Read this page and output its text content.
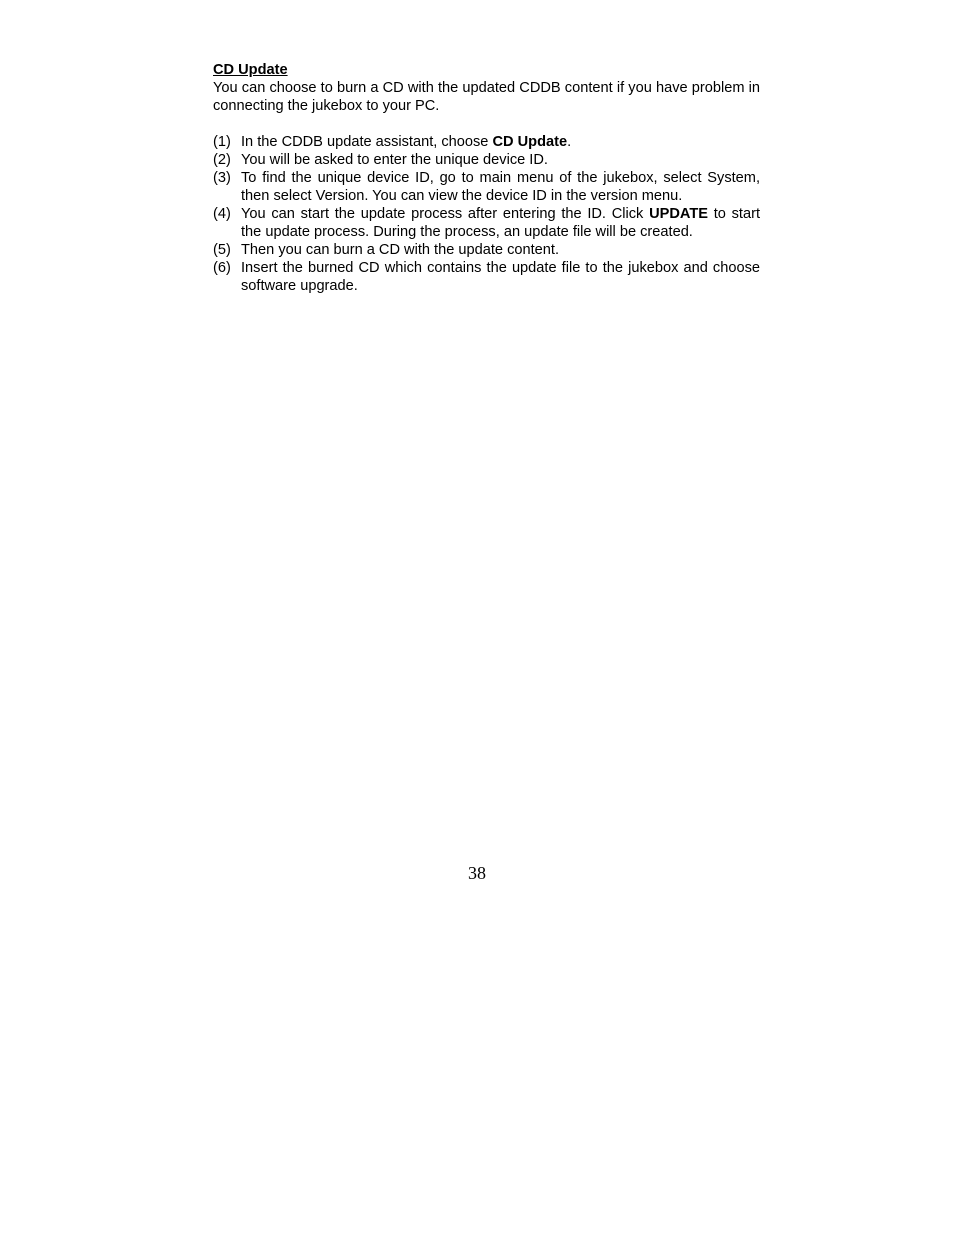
CD Update

You can choose to burn a CD with the updated CDDB content if you have problem in connecting the jukebox to your PC.

(1) In the CDDB update assistant, choose CD Update.
(2) You will be asked to enter the unique device ID.
(3) To find the unique device ID, go to main menu of the jukebox, select System, then select Version. You can view the device ID in the version menu.
(4) You can start the update process after entering the ID. Click UPDATE to start the update process. During the process, an update file will be created.
(5) Then you can burn a CD with the update content.
(6) Insert the burned CD which contains the update file to the jukebox and choose software upgrade.
38
